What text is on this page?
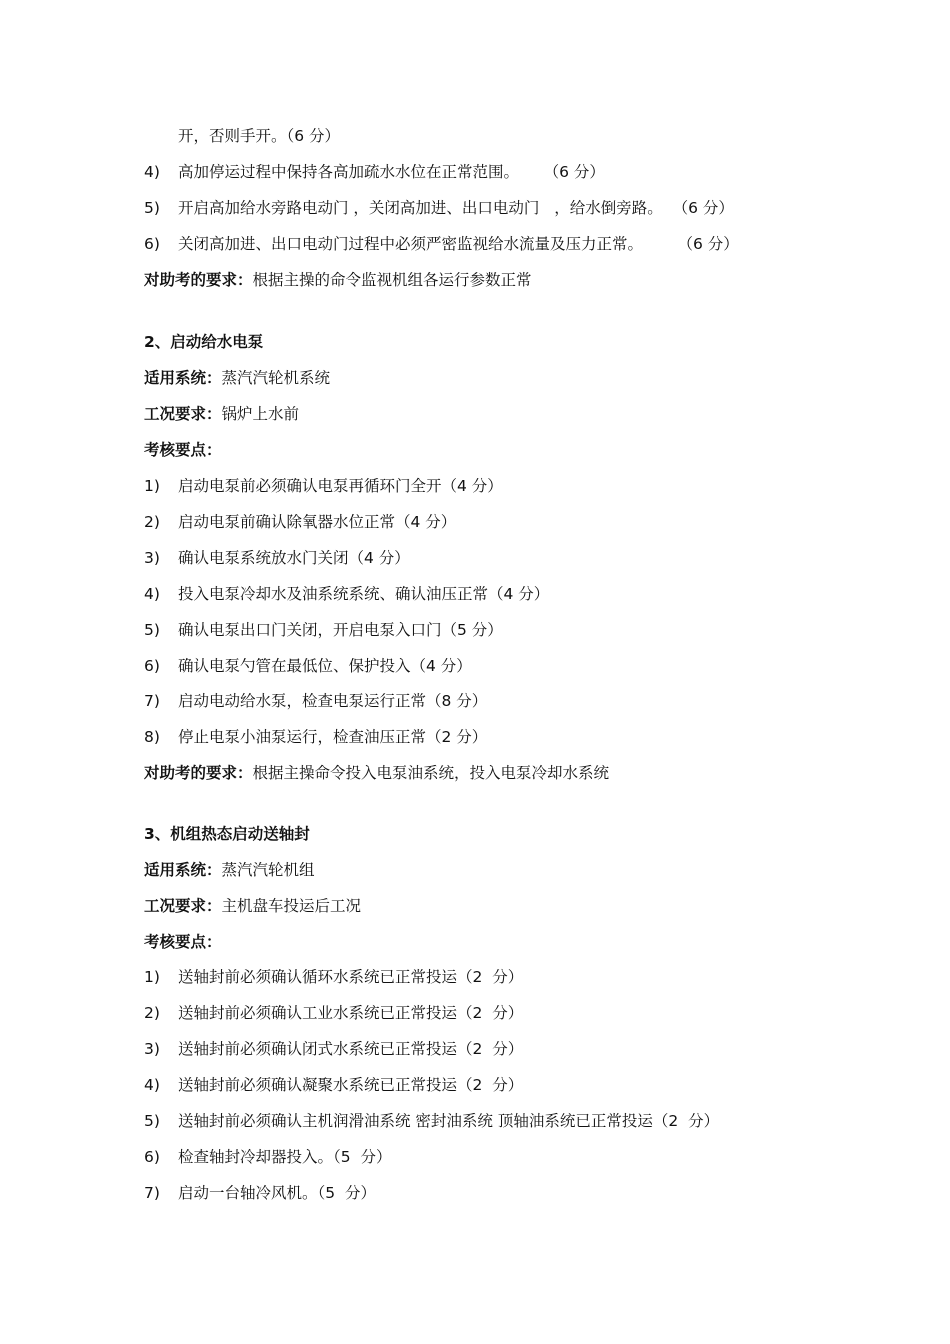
开，否则手开。（6 分）
4) 高加停运过程中保持各高加疏水水位在正常范围。     （6 分）
5) 开启高加给水旁路电动门 ，关闭高加进、出口电动门   ，给水倒旁路。  （6 分）
6) 关闭高加进、出口电动门过程中必须严密监视给水流量及压力正常。       （6 分）
对助考的要求：根据主操的命令监视机组各运行参数正常
2、启动给水电泵
适用系统：蒸汽汽轮机系统
工况要求：锅炉上水前
考核要点：
1) 启动电泵前必须确认电泵再循环门全开（4 分）
2) 启动电泵前确认除氧器水位正常（4 分）
3) 确认电泵系统放水门关闭（4 分）
4) 投入电泵冷却水及油系统系统、确认油压正常（4 分）
5) 确认电泵出口门关闭，开启电泵入口门（5 分）
6) 确认电泵勺管在最低位、保护投入（4 分）
7) 启动电动给水泵，检查电泵运行正常（8 分）
8) 停止电泵小油泵运行，检查油压正常（2 分）
对助考的要求：根据主操命令投入电泵油系统，投入电泵冷却水系统
3、机组热态启动送轴封
适用系统：蒸汽汽轮机组
工况要求：主机盘车投运后工况
考核要点：
1) 送轴封前必须确认循环水系统已正常投运（2  分）
2) 送轴封前必须确认工业水系统已正常投运（2  分）
3) 送轴封前必须确认闭式水系统已正常投运（2  分）
4) 送轴封前必须确认凝聚水系统已正常投运（2  分）
5) 送轴封前必须确认主机润滑油系统 密封油系统 顶轴油系统已正常投运（2  分）
6) 检查轴封冷却器投入。（5  分）
7) 启动一台轴冷风机。（5  分）
